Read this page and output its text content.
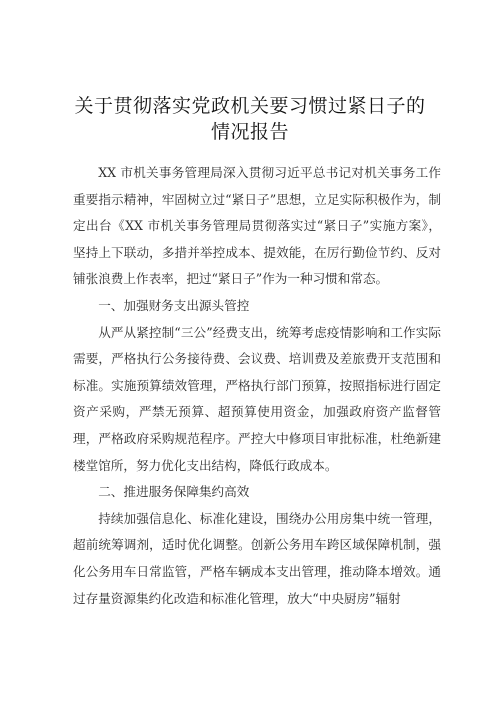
关于贯彻落实党政机关要习惯过紧日子的
情况报告

XX 市机关事务管理局深入贯彻习近平总书记对机关事务工作重要指示精神，牢固树立过“紧日子”思想，立足实际积极作为，制定出台《XX 市机关事务管理局贯彻落实过“紧日子”实施方案》，坚持上下联动，多措并举控成本、提效能，在厉行勤俭节约、反对铺张浪费上作表率，把过“紧日子”作为一种习惯和常态。

一、加强财务支出源头管控

从严从紧控制“三公”经费支出，统筹考虑疫情影响和工作实际需要，严格执行公务接待费、会议费、培训费及差旅费开支范围和标准。实施预算绩效管理，严格执行部门预算，按照指标进行固定资产采购，严禁无预算、超预算使用资金，加强政府资产监督管理，严格政府采购规范程序。严控大中修项目审批标准，杜绝新建楼堂馆所，努力优化支出结构，降低行政成本。

二、推进服务保障集约高效

持续加强信息化、标准化建设，围绕办公用房集中统一管理，超前统筹调剂，适时优化调整。创新公务用车跨区域保障机制，强化公务用车日常监管，严格车辆成本支出管理，推动降本增效。通过存量资源集约化改造和标准化管理，放大“中央厨房”辐射
